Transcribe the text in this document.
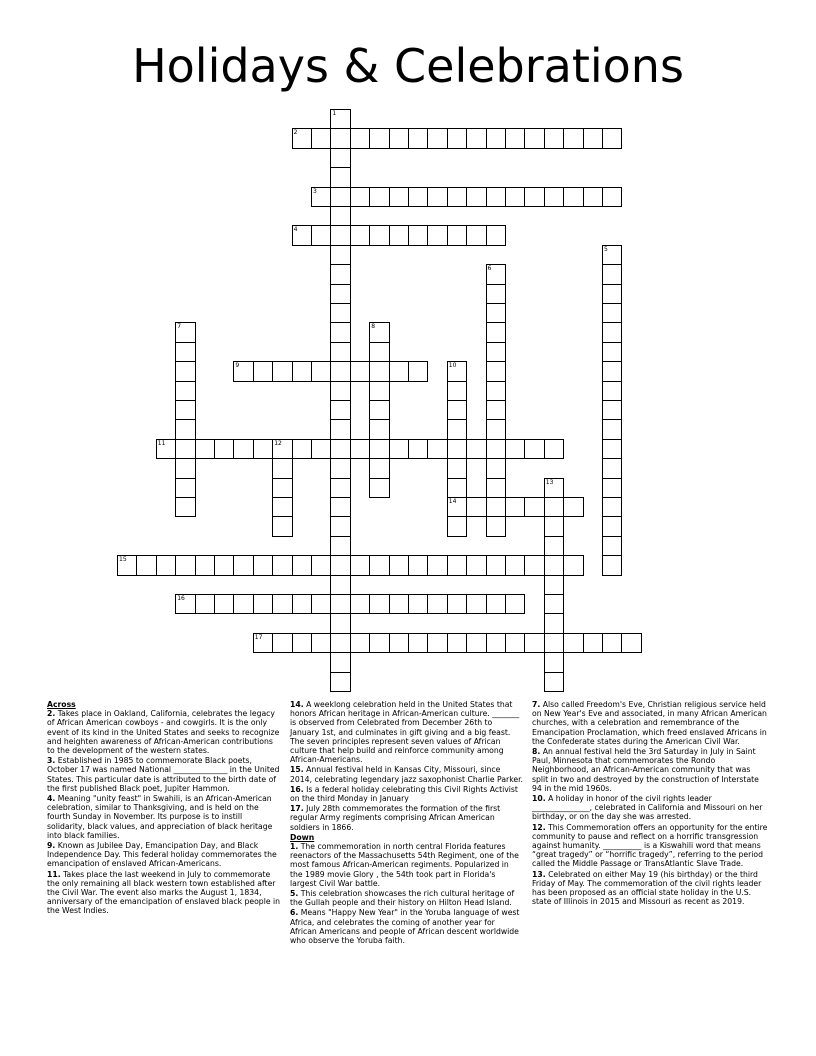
Holidays & Celebrations
1
2
3
4
5
6
7	8
9	10
14
11	12
13
15
16
17
Across
2. Takes place in Oakland, California, celebrates the legacy of African American cowboys - and cowgirls. It is the only event of its kind in the United States and seeks to recognize and heighten awareness of African-American contributions to the development of the western states.
3. Established in 1985 to commemorate Black poets, October 17 was named National ______________ in the United States. This particular date is attributed to the birth date of the first published Black poet, Jupiter Hammon.
4. Meaning "unity feast" in Swahili, is an African-American celebration, similar to Thanksgiving, and is held on the fourth Sunday in November. Its purpose is to instill solidarity, black values, and appreciation of black heritage into black families.
9. Known as Jubilee Day, Emancipation Day, and Black Independence Day. This federal holiday commemorates the emancipation of enslaved African-Americans.
11. Takes place the last weekend in July to commemorate the only remaining all black western town established after the Civil War. The event also marks the August 1, 1834, anniversary of the emancipation of enslaved black people in the West Indies.
14. A weeklong celebration held in the United States that honors African heritage in African-American culture. _______ is observed from Celebrated from December 26th to January 1st, and culminates in gift giving and a big feast. The seven principles represent seven values of African culture that help build and reinforce community among African-Americans.
15. Annual festival held in Kansas City, Missouri, since 2014, celebrating legendary jazz saxophonist Charlie Parker.
16. Is a federal holiday celebrating this Civil Rights Activist on the third Monday in January
17. July 28th commemorates the formation of the first regular Army regiments comprising African American soldiers in 1866.
Down
1. The commemoration in north central Florida features reenactors of the Massachusetts 54th Regiment, one of the most famous African-American regiments. Popularized in the 1989 movie Glory , the 54th took part in Florida's largest Civil War battle.
5. This celebration showcases the rich cultural heritage of the Gullah people and their history on Hilton Head Island.
6. Means "Happy New Year" in the Yoruba language of west Africa, and celebrates the coming of another year for African Americans and people of African descent worldwide who observe the Yoruba faith.
7. Also called Freedom's Eve, Christian religious service held on New Year's Eve and associated, in many African American churches, with a celebration and remembrance of the Emancipation Proclamation, which freed enslaved Africans in the Confederate states during the American Civil War.
8. An annual festival held the 3rd Saturday in July in Saint Paul, Minnesota that commemorates the Rondo Neighborhood, an African-American community that was split in two and destroyed by the construction of Interstate 94 in the mid 1960s.
10. A holiday in honor of the civil rights leader _______________, celebrated in California and Missouri on her birthday, or on the day she was arrested.
12. This Commemoration offers an opportunity for the entire community to pause and reflect on a horrific transgression against humanity. __________ is a Kiswahili word that means “great tragedy” or “horrific tragedy”, referring to the period called the Middle Passage or TransAtlantic Slave Trade.
13. Celebrated on either May 19 (his birthday) or the third Friday of May. The commemoration of the civil rights leader has been proposed as an official state holiday in the U.S. state of Illinois in 2015 and Missouri as recent as 2019.
